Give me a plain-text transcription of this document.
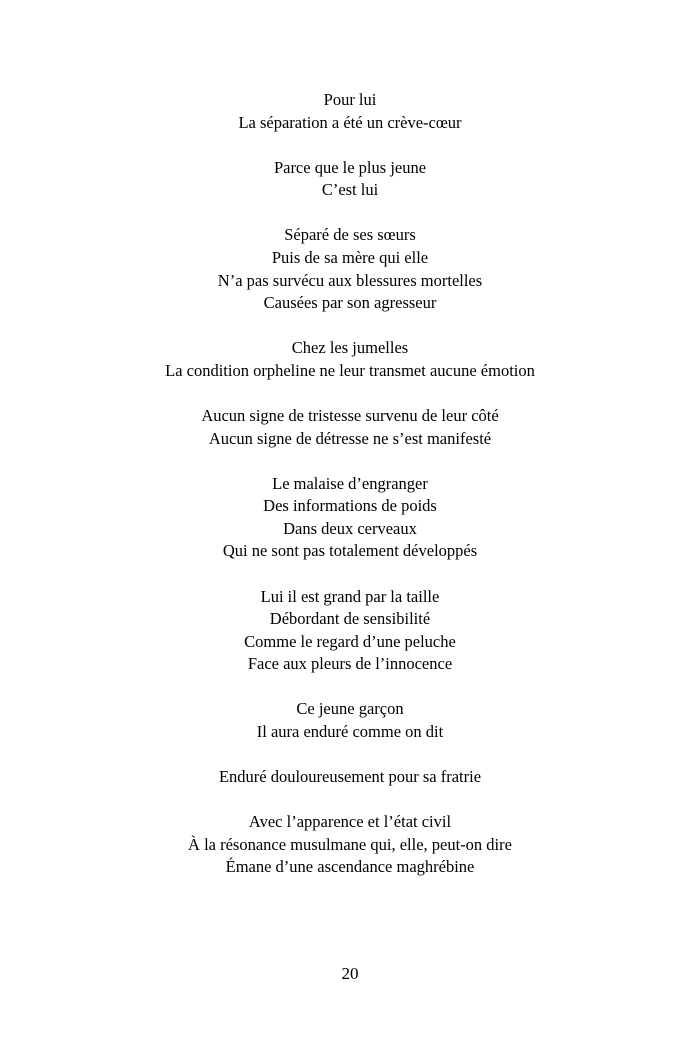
Pour lui
La séparation a été un crève-cœur
Parce que le plus jeune
C’est lui
Séparé de ses sœurs
Puis de sa mère qui elle
N’a pas survécu aux blessures mortelles
Causées par son agresseur
Chez les jumelles
La condition orpheline ne leur transmet aucune émotion
Aucun signe de tristesse survenu de leur côté
Aucun signe de détresse ne s’est manifesté
Le malaise d’engranger
Des informations de poids
Dans deux cerveaux
Qui ne sont pas totalement développés
Lui il est grand par la taille
Débordant de sensibilité
Comme le regard d’une peluche
Face aux pleurs de l’innocence
Ce jeune garçon
Il aura enduré comme on dit
Enduré douloureusement pour sa fratrie
Avec l’apparence et l’état civil
À la résonance musulmane qui, elle, peut-on dire
Émane d’une ascendance maghrébine
20
